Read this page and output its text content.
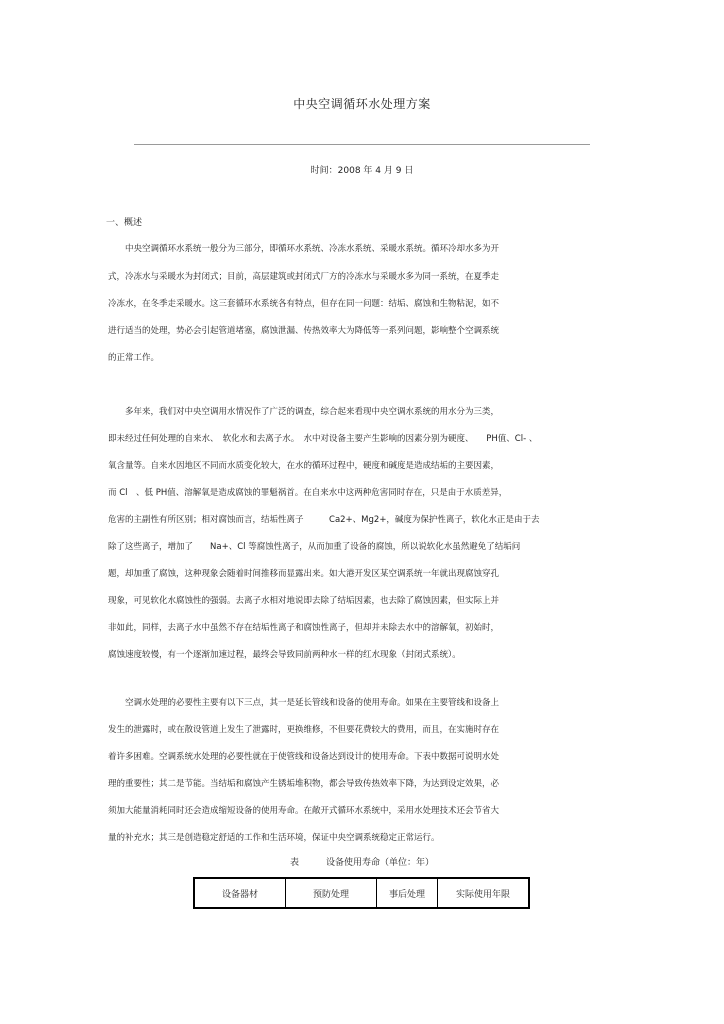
中央空调循环水处理方案
时间：2008 年 4 月 9 日
一、概述
　　中央空调循环水系统一般分为三部分，即循环水系统、冷冻水系统、采暖水系统。循环冷却水多为开
式，冷冻水与采暖水为封闭式；目前，高层建筑或封闭式厂方的冷冻水与采暖水多为同一系统，在夏季走
冷冻水，在冬季走采暖水。这三套循环水系统各有特点，但存在同一问题：结垢、腐蚀和生物粘泥，如不
进行适当的处理，势必会引起管道堵塞，腐蚀泄漏、传热效率大为降低等一系列问题，影响整个空调系统
的正常工作。
　　多年来，我们对中央空调用水情况作了广泛的调查，综合起来看现中央空调水系统的用水分为三类，
即未经过任何处理的自来水、　软化水和去离子水。　水中对设备主要产生影响的因素分别为硬度、　　PH值、Cl- 、
氧含量等。自来水因地区不同而水质变化较大，在水的循环过程中，硬度和碱度是造成结垢的主要因素，
而 Cl　、低 PH值、溶解氧是造成腐蚀的罪魁祸首。在自来水中这两种危害同时存在，只是由于水质差异，
危害的主副性有所区别；相对腐蚀而言，结垢性离子　　　Ca2+、Mg2+，碱度为保护性离子，软化水正是由于去
除了这些离子，增加了　　Na+、Cl 等腐蚀性离子，从而加重了设备的腐蚀，所以说软化水虽然避免了结垢问
题，却加重了腐蚀，这种现象会随着时间推移而显露出来。如大港开发区某空调系统一年就出现腐蚀穿孔
现象，可见软化水腐蚀性的强弱。去离子水相对地说即去除了结垢因素，也去除了腐蚀因素，但实际上并
非如此，同样，去离子水中虽然不存在结垢性离子和腐蚀性离子，但却并未除去水中的溶解氧，初始时，
腐蚀速度较慢，有一个逐渐加速过程，最终会导致同前两种水一样的红水现象（封闭式系统）。
　　空调水处理的必要性主要有以下三点，其一是延长管线和设备的使用寿命。如果在主要管线和设备上
发生的泄露时，或在散设管道上发生了泄露时，更换维修，不但要花费较大的费用，而且，在实施时存在
着许多困难。空调系统水处理的必要性就在于使管线和设备达到设计的使用寿命。下表中数据可说明水处
理的重要性；其二是节能。当结垢和腐蚀产生锈垢堆积物，都会导致传热效率下降，为达到设定效果，必
须加大能量消耗同时还会造成缩短设备的使用寿命。在敞开式循环水系统中，采用水处理技术还会节省大
量的补充水；其三是创造稳定舒适的工作和生活环境，保证中央空调系统稳定正常运行。
表　　　设备使用寿命（单位：年）
设备器材	预防处理	事后处理	实际使用年限
